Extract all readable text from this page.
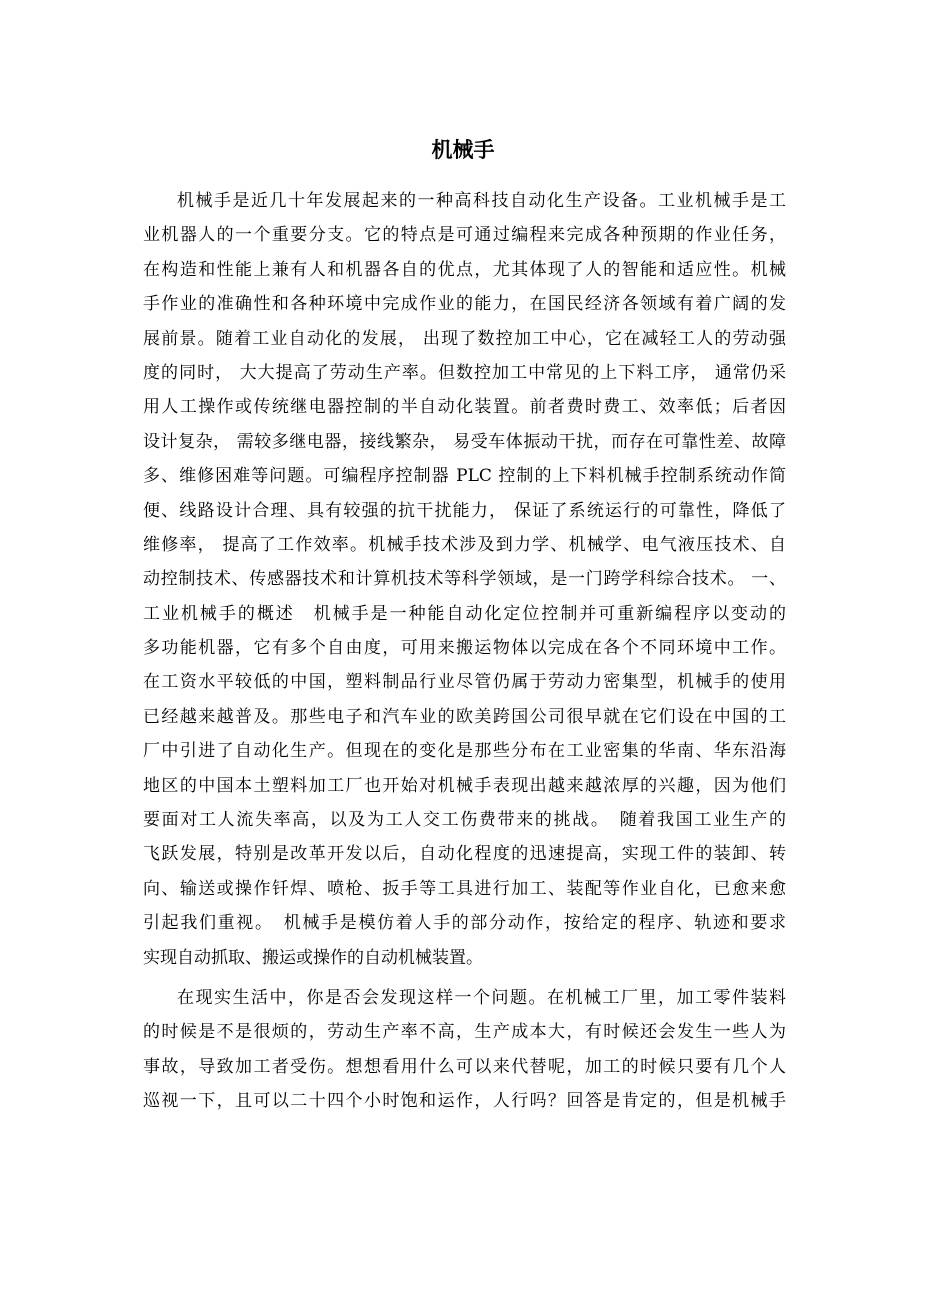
机械手

机械手是近几十年发展起来的一种高科技自动化生产设备。工业机械手是工
业机器人的一个重要分支。它的特点是可通过编程来完成各种预期的作业任务，
在构造和性能上兼有人和机器各自的优点，尤其体现了人的智能和适应性。机械
手作业的准确性和各种环境中完成作业的能力，在国民经济各领域有着广阔的发
展前景。随着工业自动化的发展， 出现了数控加工中心，它在减轻工人的劳动强
度的同时， 大大提高了劳动生产率。但数控加工中常见的上下料工序， 通常仍采
用人工操作或传统继电器控制的半自动化装置。前者费时费工、效率低；后者因
设计复杂， 需较多继电器，接线繁杂， 易受车体振动干扰，而存在可靠性差、故障
多、维修困难等问题。可编程序控制器 PLC 控制的上下料机械手控制系统动作简
便、线路设计合理、具有较强的抗干扰能力， 保证了系统运行的可靠性，降低了
维修率， 提高了工作效率。机械手技术涉及到力学、机械学、电气液压技术、自
动控制技术、传感器技术和计算机技术等科学领域，是一门跨学科综合技术。 一、
工业机械手的概述　机械手是一种能自动化定位控制并可重新编程序以变动的
多功能机器，它有多个自由度，可用来搬运物体以完成在各个不同环境中工作。
在工资水平较低的中国，塑料制品行业尽管仍属于劳动力密集型，机械手的使用
已经越来越普及。那些电子和汽车业的欧美跨国公司很早就在它们设在中国的工
厂中引进了自动化生产。但现在的变化是那些分布在工业密集的华南、华东沿海
地区的中国本土塑料加工厂也开始对机械手表现出越来越浓厚的兴趣，因为他们
要面对工人流失率高，以及为工人交工伤费带来的挑战。　随着我国工业生产的
飞跃发展，特别是改革开发以后，自动化程度的迅速提高，实现工件的装卸、转
向、输送或操作钎焊、喷枪、扳手等工具进行加工、装配等作业自化，已愈来愈
引起我们重视。　机械手是模仿着人手的部分动作，按给定的程序、轨迹和要求
实现自动抓取、搬运或操作的自动机械装置。

在现实生活中，你是否会发现这样一个问题。在机械工厂里，加工零件装料
的时候是不是很烦的，劳动生产率不高，生产成本大，有时候还会发生一些人为
事故，导致加工者受伤。想想看用什么可以来代替呢，加工的时候只要有几个人
巡视一下，且可以二十四个小时饱和运作，人行吗？回答是肯定的，但是机械手
